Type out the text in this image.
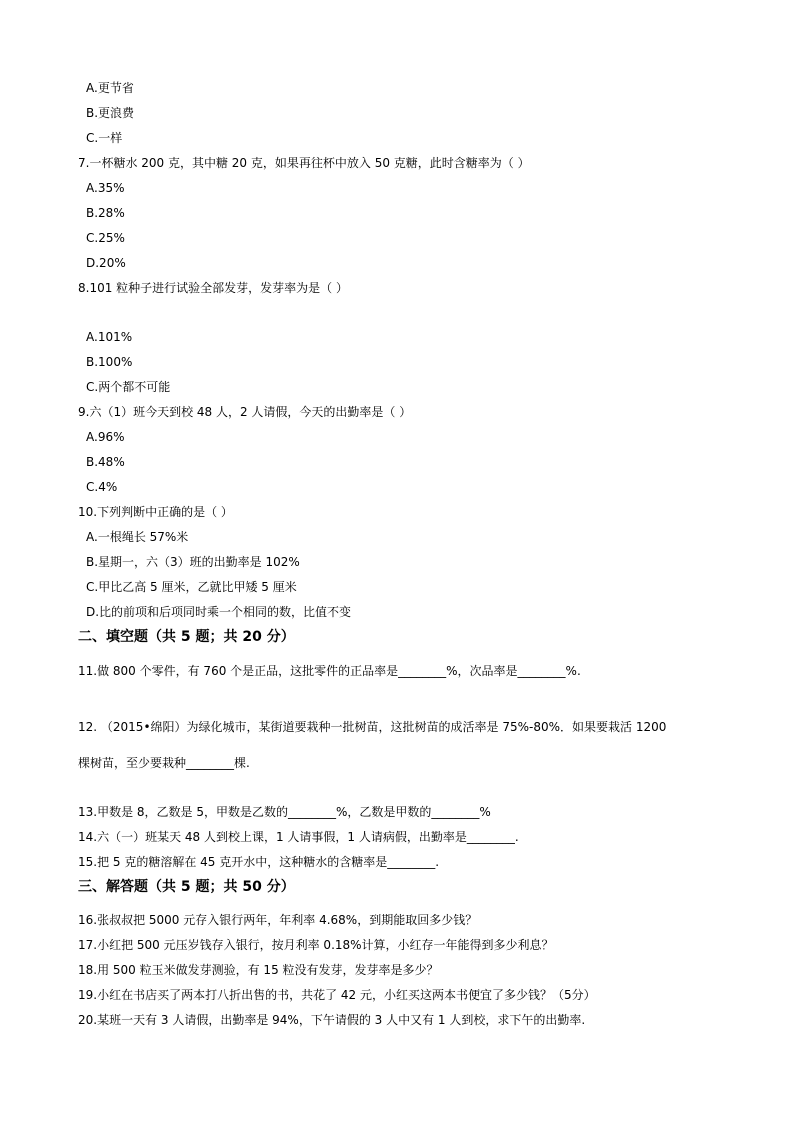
A.更节省
B.更浪费
C.一样
7.一杯糖水 200 克，其中糖 20 克，如果再往杯中放入 50 克糖，此时含糖率为（ ）
A.35%
B.28%
C.25%
D.20%
8.101 粒种子进行试验全部发芽，发芽率为是（ ）
A.101%
B.100%
C.两个都不可能
9.六（1）班今天到校 48 人，2 人请假，今天的出勤率是（ ）
A.96%
B.48%
C.4%
10.下列判断中正确的是（ ）
A.一根绳长 57%米
B.星期一，六（3）班的出勤率是 102%
C.甲比乙高 5 厘米，乙就比甲矮 5 厘米
D.比的前项和后项同时乘一个相同的数，比值不变
二、填空题（共 5 题；共 20 分）
11.做 800 个零件，有 760 个是正品，这批零件的正品率是________%，次品率是________%.
12. （2015•绵阳）为绿化城市，某街道要栽种一批树苗，这批树苗的成活率是 75%-80%．如果要栽活 1200
棵树苗，至少要栽种________棵.
13.甲数是 8，乙数是 5，甲数是乙数的________%，乙数是甲数的________%
14.六（一）班某天 48 人到校上课，1 人请事假，1 人请病假，出勤率是________.
15.把 5 克的糖溶解在 45 克开水中，这种糖水的含糖率是________.
三、解答题（共 5 题；共 50 分）
16.张叔叔把 5000 元存入银行两年，年利率 4.68%，到期能取回多少钱？
17.小红把 500 元压岁钱存入银行，按月利率 0.18%计算，小红存一年能得到多少利息？
18.用 500 粒玉米做发芽测验，有 15 粒没有发芽，发芽率是多少？
19.小红在书店买了两本打八折出售的书，共花了 42 元，小红买这两本书便宜了多少钱？（5分）
20.某班一天有 3 人请假，出勤率是 94%，下午请假的 3 人中又有 1 人到校，求下午的出勤率.
